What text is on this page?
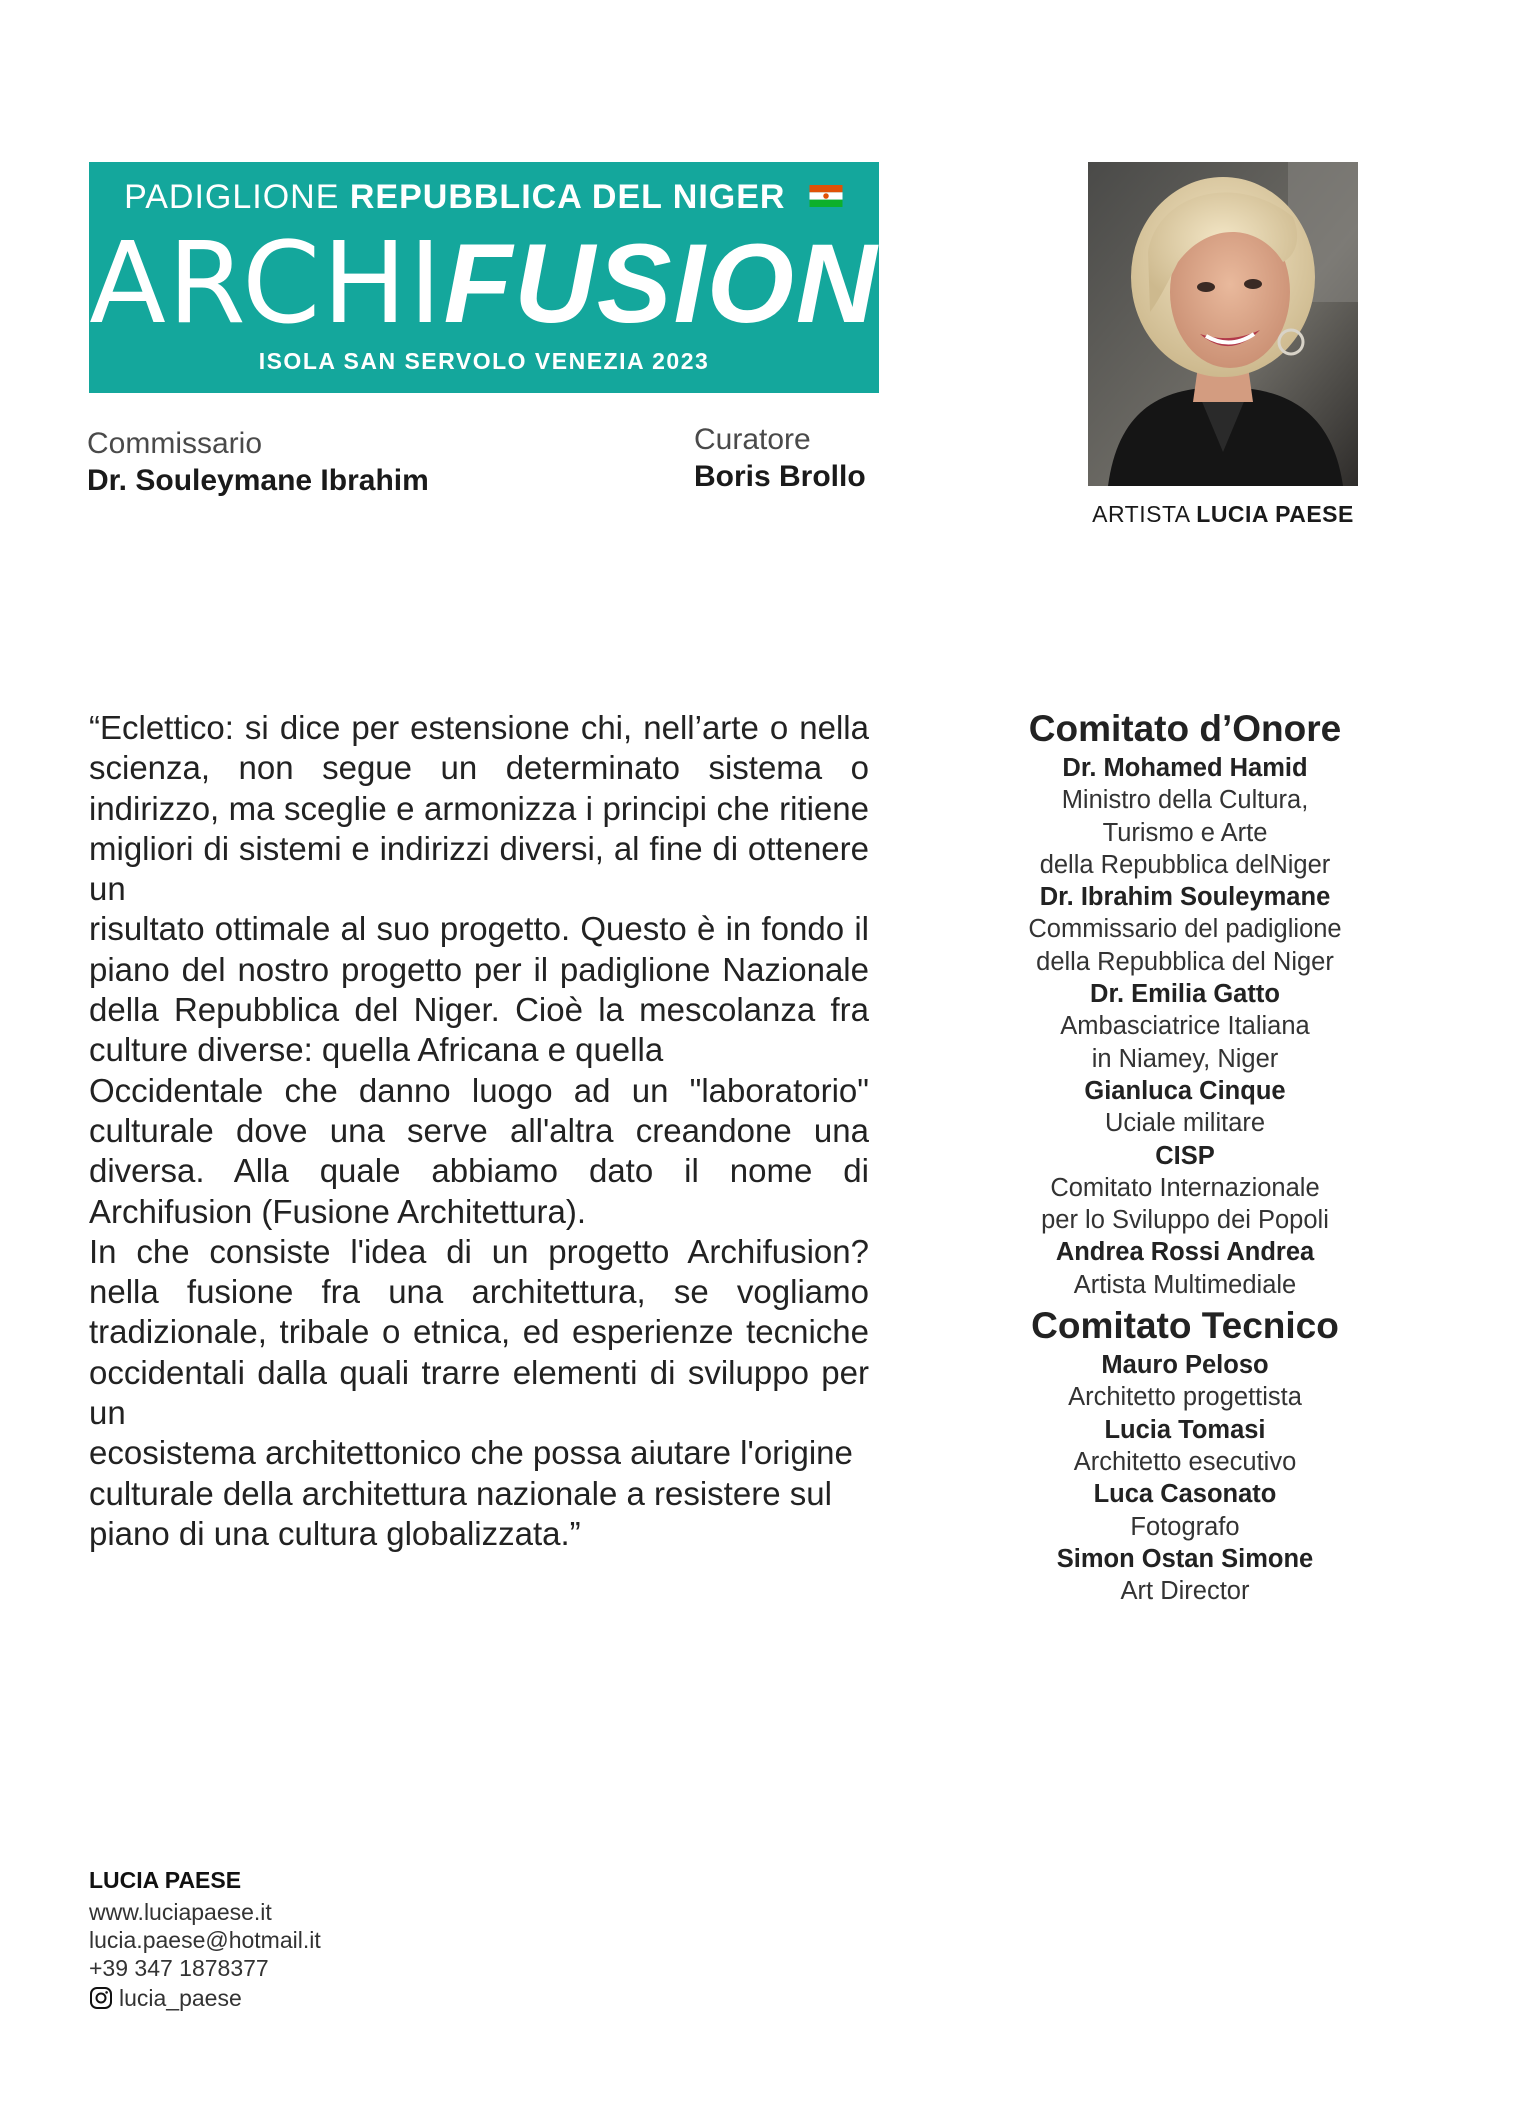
PADIGLIONE REPUBBLICA DEL NIGER
ARCHIFUSION
ISOLA SAN SERVOLO VENEZIA 2023
Commissario
Dr. Souleymane Ibrahim
Curatore
Boris Brollo
ARTISTA LUCIA PAESE

“Eclettico: si dice per estensione chi, nell’arte o nella scienza, non segue un determinato sistema o indirizzo, ma sceglie e armonizza i principi che ritiene migliori di sistemi e indirizzi diversi, al fine di ottenere un

risultato ottimale al suo progetto. Questo è in fondo il piano del nostro progetto per il padiglione Nazionale della Repubblica del Niger. Cioè la mescolanza fra culture diverse: quella Africana e quella

Occidentale che danno luogo ad un "laboratorio" culturale dove una serve all'altra creandone una diversa. Alla quale abbiamo dato il nome di Archifusion (Fusione Architettura).

In che consiste l'idea di un progetto Archifusion? nella fusione fra una architettura, se vogliamo tradizionale, tribale o etnica, ed esperienze tecniche occidentali dalla quali trarre elementi di sviluppo per un

ecosistema architettonico che possa aiutare l'origine culturale della architettura nazionale a resistere sul piano di una cultura globalizzata.”

Comitato d’Onore
Dr. Mohamed Hamid
Ministro della Cultura,
Turismo e Arte
della Repubblica delNiger
Dr. Ibrahim Souleymane
Commissario del padiglione
della Repubblica del Niger
Dr. Emilia Gatto
Ambasciatrice Italiana
in Niamey, Niger
Gianluca Cinque
Uciale militare
CISP
Comitato Internazionale
per lo Sviluppo dei Popoli
Andrea Rossi Andrea
Artista Multimediale
Comitato Tecnico
Mauro Peloso
Architetto progettista
Lucia Tomasi
Architetto esecutivo
Luca Casonato
Fotografo
Simon Ostan Simone
Art Director
LUCIA PAESE
www.luciapaese.it
lucia.paese@hotmail.it
+39 347 1878377
lucia_paese
